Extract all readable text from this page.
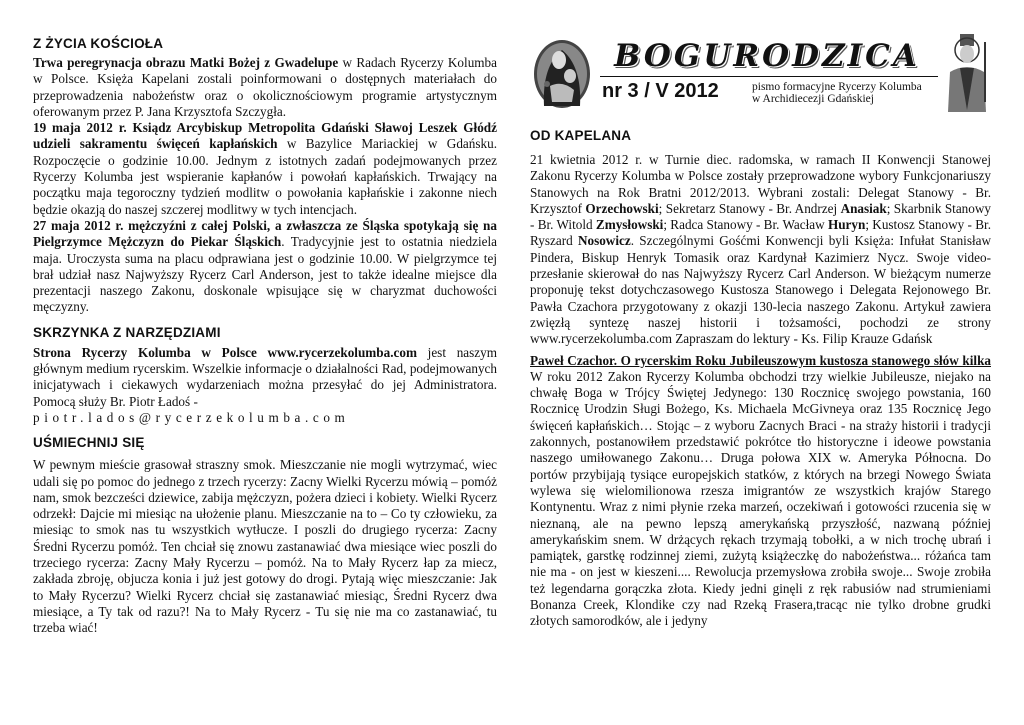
Z ŻYCIA KOŚCIOŁA

Trwa peregrynacja obrazu Matki Bożej z Gwadelupe w Radach Rycerzy Kolumba w Polsce. Księża Kapelani zostali poinformowani o dostępnych materiałach do przeprowadzenia nabożeństw oraz o okolicznościowym programie artystycznym oferowanym przez P. Jana Krzysztofa Szczygła.

19 maja 2012 r. Ksiądz Arcybiskup Metropolita Gdański Sławoj Leszek Głódź udzieli sakramentu święceń kapłańskich w Bazylice Mariackiej w Gdańsku. Rozpoczęcie o godzinie 10.00. Jednym z istotnych zadań podejmowanych przez Rycerzy Kolumba jest wspieranie kapłanów i powołań kapłańskich. Trwający na początku maja tegoroczny tydzień modlitw o powołania kapłańskie i zakonne niech będzie okazją do naszej szczerej modlitwy w tych intencjach.

27 maja 2012 r. mężczyźni z całej Polski, a zwłaszcza ze Śląska spotykają się na Pielgrzymce Mężczyzn do Piekar Śląskich. Tradycyjnie jest to ostatnia niedziela maja. Uroczysta suma na placu odprawiana jest o godzinie 10.00. W pielgrzymce tej brał udział nasz Najwyższy Rycerz Carl Anderson, jest to także idealne miejsce dla prezentacji naszego Zakonu, doskonale wpisujące się w charyzmat duchowości męczyzny.

SKRZYNKA Z NARZĘDZIAMI

Strona Rycerzy Kolumba w Polsce www.rycerzekolumba.com jest naszym głównym medium rycerskim. Wszelkie informacje o działalności Rad, podejmowanych inicjatywach i ciekawych wydarzeniach można przesyłać do jej Administratora. Pomocą służy Br. Piotr Ładoś -
piotr.lados@rycerzekolumba.com

UŚMIECHNIJ SIĘ

W pewnym mieście grasował straszny smok. Mieszczanie nie mogli wytrzymać, wiec udali się po pomoc do jednego z trzech rycerzy: Zacny Wielki Rycerzu mówią – pomóż nam, smok bezcześci dziewice, zabija mężczyzn, pożera dzieci i kobiety. Wielki Rycerz odrzekł: Dajcie mi miesiąc na ułożenie planu. Mieszczanie na to – Co ty człowieku, za miesiąc to smok nas tu wszystkich wytłucze. I poszli do drugiego rycerza: Zacny Średni Rycerzu pomóż. Ten chciał się znowu zastanawiać dwa miesiące wiec poszli do trzeciego rycerza: Zacny Mały Rycerzu – pomóż. Na to Mały Rycerz łap za miecz, zakłada zbroję, objucza konia i już jest gotowy do drogi. Pytają więc mieszczanie: Jak to Mały Rycerzu? Wielki Rycerz chciał się zastanawiać miesiąc, Średni Rycerz dwa miesiące, a Ty tak od razu?! Na to Mały Rycerz - Tu się nie ma co zastanawiać, tu trzeba wiać!

BOGURODZICA
nr 3 / V 2012	pismo formacyjne Rycerzy Kolumba
w Archidiecezji Gdańskiej
OD KAPELANA

21 kwietnia 2012 r. w Turnie diec. radomska, w ramach II Konwencji Stanowej Zakonu Rycerzy Kolumba w Polsce zostały przeprowadzone wybory Funkcjonariuszy Stanowych na Rok Bratni 2012/2013. Wybrani zostali: Delegat Stanowy - Br. Krzysztof Orzechowski; Sekretarz Stanowy - Br. Andrzej Anasiak; Skarbnik Stanowy - Br. Witold Zmysłowski; Radca Stanowy - Br. Wacław Huryn; Kustosz Stanowy - Br. Ryszard Nosowicz. Szczególnymi Gośćmi Konwencji byli Księża: Infułat Stanisław Pindera, Biskup Henryk Tomasik oraz Kardynał Kazimierz Nycz. Swoje video-przesłanie skierował do nas Najwyższy Rycerz Carl Anderson. W bieżącym numerze proponuję tekst dotychczasowego Kustosza Stanowego i Delegata Rejonowego Br. Pawła Czachora przygotowany z okazji 130-lecia naszego Zakonu. Artykuł zawiera zwięzłą syntezę naszej historii i tożsamości, pochodzi ze strony www.rycerzekolumba.com Zapraszam do lektury - Ks. Filip Krauze Gdańsk

Paweł Czachor. O rycerskim Roku Jubileuszowym kustosza stanowego słów kilka W roku 2012 Zakon Rycerzy Kolumba obchodzi trzy wielkie Jubileusze, niejako na chwałę Boga w Trójcy Świętej Jedynego: 130 Rocznicę swojego powstania, 160 Rocznicę Urodzin Sługi Bożego, Ks. Michaela McGivneya oraz 135 Rocznicę Jego święceń kapłańskich… Stojąc – z wyboru Zacnych Braci - na straży historii i tradycji zakonnych, postanowiłem przedstawić pokrótce tło historyczne i ideowe powstania naszego umiłowanego Zakonu… Druga połowa XIX w. Ameryka Północna. Do portów przybijają tysiące europejskich statków, z których na brzegi Nowego Świata wylewa się wielomilionowa rzesza imigrantów ze wszystkich krajów Starego Kontynentu. Wraz z nimi płynie rzeka marzeń, oczekiwań i gotowości rzucenia się w nieznaną, ale na pewno lepszą amerykańską przyszłość, nazwaną później amerykańskim snem. W drżących rękach trzymają tobołki, a w nich trochę ubrań i pamiątek, garstkę rodzinnej ziemi, zużytą książeczkę do nabożeństwa... różańca tam nie ma - on jest w kieszeni.... Rewolucja przemysłowa zrobiła swoje... Swoje zrobiła też legendarna gorączka złota. Kiedy jedni ginęli z ręk rabusiów nad strumieniami Bonanza Creek, Klondike czy nad Rzeką Frasera,tracąc nie tylko drobne grudki złotych samorodków, ale i jedyny
